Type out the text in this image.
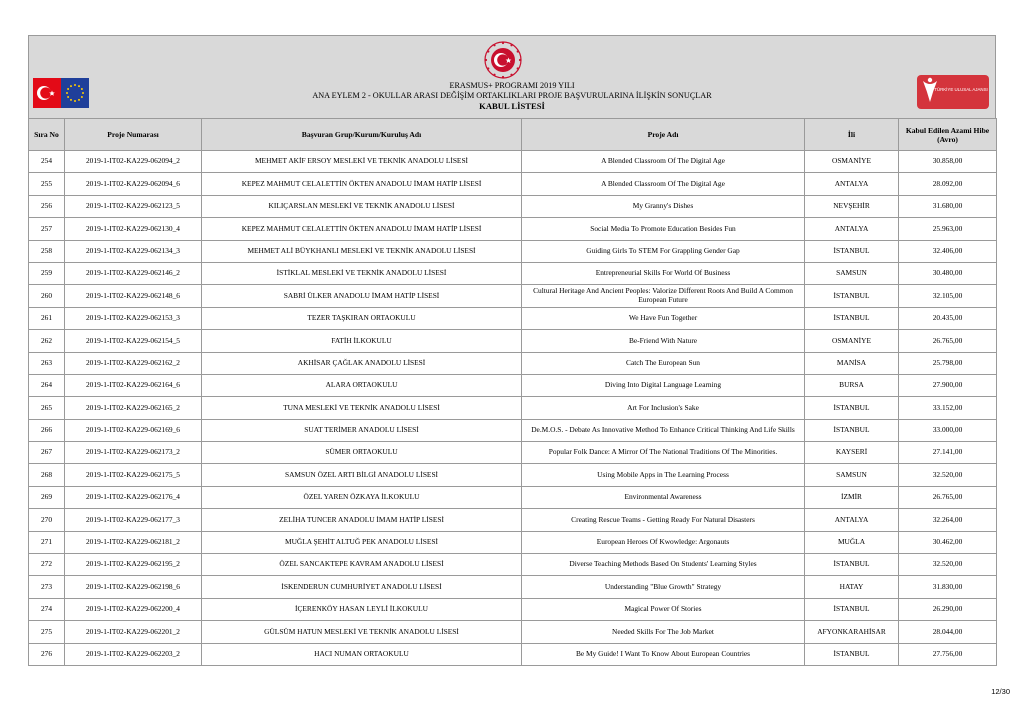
TÜRKİYE ULUSAL AJANSI
ERASMUS+ PROGRAMI 2019 YILI
ANA EYLEM 2 - OKULLAR ARASI DEĞİŞİM ORTAKLIKLARI PROJE BAŞVURULARINA İLİŞKİN SONUÇLAR
KABUL LİSTESİ
Sıra No	Proje Numarası	Başvuran Grup/Kurum/Kuruluş Adı	Proje Adı	İli	Kabul Edilen Azami Hibe (Avro)
254	2019-1-IT02-KA229-062094_2	MEHMET AKİF ERSOY MESLEKİ VE TEKNİK ANADOLU LİSESİ	A Blended Classroom Of The Digital Age	OSMANİYE	30.858,00
255	2019-1-IT02-KA229-062094_6	KEPEZ MAHMUT CELALETTİN ÖKTEN ANADOLU İMAM HATİP LİSESİ	A Blended Classroom Of The Digital Age	ANTALYA	28.092,00
256	2019-1-IT02-KA229-062123_5	KILIÇARSLAN MESLEKİ VE TEKNİK ANADOLU LİSESİ	My Granny's Dishes	NEVŞEHİR	31.680,00
257	2019-1-IT02-KA229-062130_4	KEPEZ MAHMUT CELALETTİN ÖKTEN ANADOLU İMAM HATİP LİSESİ	Social Media To Promote Education Besides Fun	ANTALYA	25.963,00
258	2019-1-IT02-KA229-062134_3	MEHMET ALİ BÜYKHANLI MESLEKİ VE TEKNİK ANADOLU LİSESİ	Guiding Girls To STEM For Grappling Gender Gap	İSTANBUL	32.406,00
259	2019-1-IT02-KA229-062146_2	İSTİKLAL MESLEKİ VE TEKNİK ANADOLU LİSESİ	Entrepreneurial Skills For World Of Business	SAMSUN	30.480,00
260	2019-1-IT02-KA229-062148_6	SABRİ ÜLKER ANADOLU İMAM HATİP LİSESİ	Cultural Heritage And Ancient Peoples: Valorize Different Roots And Build A Common European Future	İSTANBUL	32.105,00
261	2019-1-IT02-KA229-062153_3	TEZER TAŞKIRAN ORTAOKULU	We Have Fun Together	İSTANBUL	20.435,00
262	2019-1-IT02-KA229-062154_5	FATİH İLKOKULU	Be-Friend With Nature	OSMANİYE	26.765,00
263	2019-1-IT02-KA229-062162_2	AKHİSAR ÇAĞLAK ANADOLU LİSESİ	Catch The European Sun	MANİSA	25.798,00
264	2019-1-IT02-KA229-062164_6	ALARA ORTAOKULU	Diving Into Digital Language Learning	BURSA	27.900,00
265	2019-1-IT02-KA229-062165_2	TUNA MESLEKİ VE TEKNİK ANADOLU LİSESİ	Art For Inclusion's Sake	İSTANBUL	33.152,00
266	2019-1-IT02-KA229-062169_6	SUAT TERİMER ANADOLU LİSESİ	De.M.O.S. - Debate As Innovative Method To Enhance Critical Thinking And Life Skills	İSTANBUL	33.000,00
267	2019-1-IT02-KA229-062173_2	SÜMER ORTAOKULU	Popular Folk Dance: A Mirror Of The National Traditions Of The Minorities.	KAYSERİ	27.141,00
268	2019-1-IT02-KA229-062175_5	SAMSUN ÖZEL ARTI BİLGİ ANADOLU LİSESİ	Using Mobile Apps in The Learning Process	SAMSUN	32.520,00
269	2019-1-IT02-KA229-062176_4	ÖZEL YAREN ÖZKAYA İLKOKULU	Environmental Awareness	İZMİR	26.765,00
270	2019-1-IT02-KA229-062177_3	ZELİHA TUNCER ANADOLU İMAM HATİP LİSESİ	Creating Rescue Teams - Getting Ready For Natural Disasters	ANTALYA	32.264,00
271	2019-1-IT02-KA229-062181_2	MUĞLA ŞEHİT ALTUĞ PEK ANADOLU LİSESİ	European Heroes Of Kwowledge: Argonauts	MUĞLA	30.462,00
272	2019-1-IT02-KA229-062195_2	ÖZEL SANCAKTEPE KAVRAM ANADOLU LİSESİ	Diverse Teaching Methods Based On Students' Learning Styles	İSTANBUL	32.520,00
273	2019-1-IT02-KA229-062198_6	İSKENDERUN CUMHURİYET ANADOLU LİSESİ	Understanding "Blue Growth" Strategy	HATAY	31.830,00
274	2019-1-IT02-KA229-062200_4	İÇERENKÖY HASAN LEYLİ İLKOKULU	Magical Power Of Stories	İSTANBUL	26.290,00
275	2019-1-IT02-KA229-062201_2	GÜLSÜM HATUN MESLEKİ VE TEKNİK ANADOLU LİSESİ	Needed Skills For The Job Market	AFYONKARAHİSAR	28.044,00
276	2019-1-IT02-KA229-062203_2	HACI NUMAN ORTAOKULU	Be My Guide! I Want To Know About European Countries	İSTANBUL	27.756,00
12/30
